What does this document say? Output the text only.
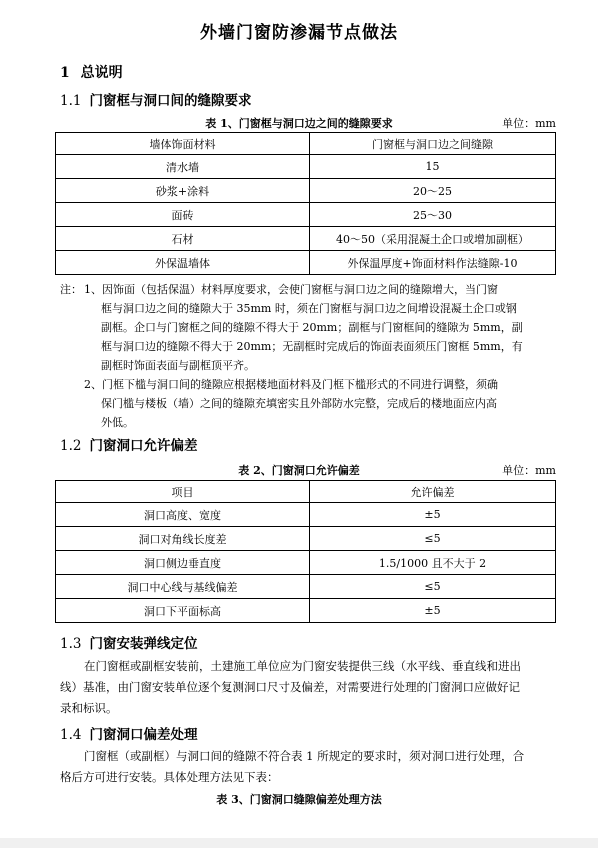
外墙门窗防渗漏节点做法
1 总说明
1.1 门窗框与洞口间的缝隙要求
表 1、门窗框与洞口边之间的缝隙要求	单位：mm
墙体饰面材料	门窗框与洞口边之间缝隙
清水墙	15
砂浆+涂料	20～25
面砖	25～30
石材	40～50（采用混凝土企口或增加副框）
外保温墙体	外保温厚度+饰面材料作法缝隙-10
注： 1、因饰面（包括保温）材料厚度要求，会使门窗框与洞口边之间的缝隙增大，当门窗
框与洞口边之间的缝隙大于 35mm 时，须在门窗框与洞口边之间增设混凝土企口或钢
副框。企口与门窗框之间的缝隙不得大于 20mm；副框与门窗框间的缝隙为 5mm，副
框与洞口边的缝隙不得大于 20mm；无副框时完成后的饰面表面须压门窗框 5mm，有
副框时饰面表面与副框顶平齐。
2、门框下槛与洞口间的缝隙应根据楼地面材料及门框下槛形式的不同进行调整，须确
保门槛与楼板（墙）之间的缝隙充填密实且外部防水完整，完成后的楼地面应内高
外低。
1.2 门窗洞口允许偏差
表 2、门窗洞口允许偏差	单位：mm
项目	允许偏差
洞口高度、宽度	±5
洞口对角线长度差	≤5
洞口侧边垂直度	1.5/1000 且不大于 2
洞口中心线与基线偏差	≤5
洞口下平面标高	±5
1.3 门窗安装弹线定位
在门窗框或副框安装前，土建施工单位应为门窗安装提供三线（水平线、垂直线和进出
线）基准，由门窗安装单位逐个复测洞口尺寸及偏差，对需要进行处理的门窗洞口应做好记
录和标识。
1.4 门窗洞口偏差处理
门窗框（或副框）与洞口间的缝隙不符合表 1 所规定的要求时，须对洞口进行处理，合
格后方可进行安装。具体处理方法见下表：
表 3、门窗洞口缝隙偏差处理方法
